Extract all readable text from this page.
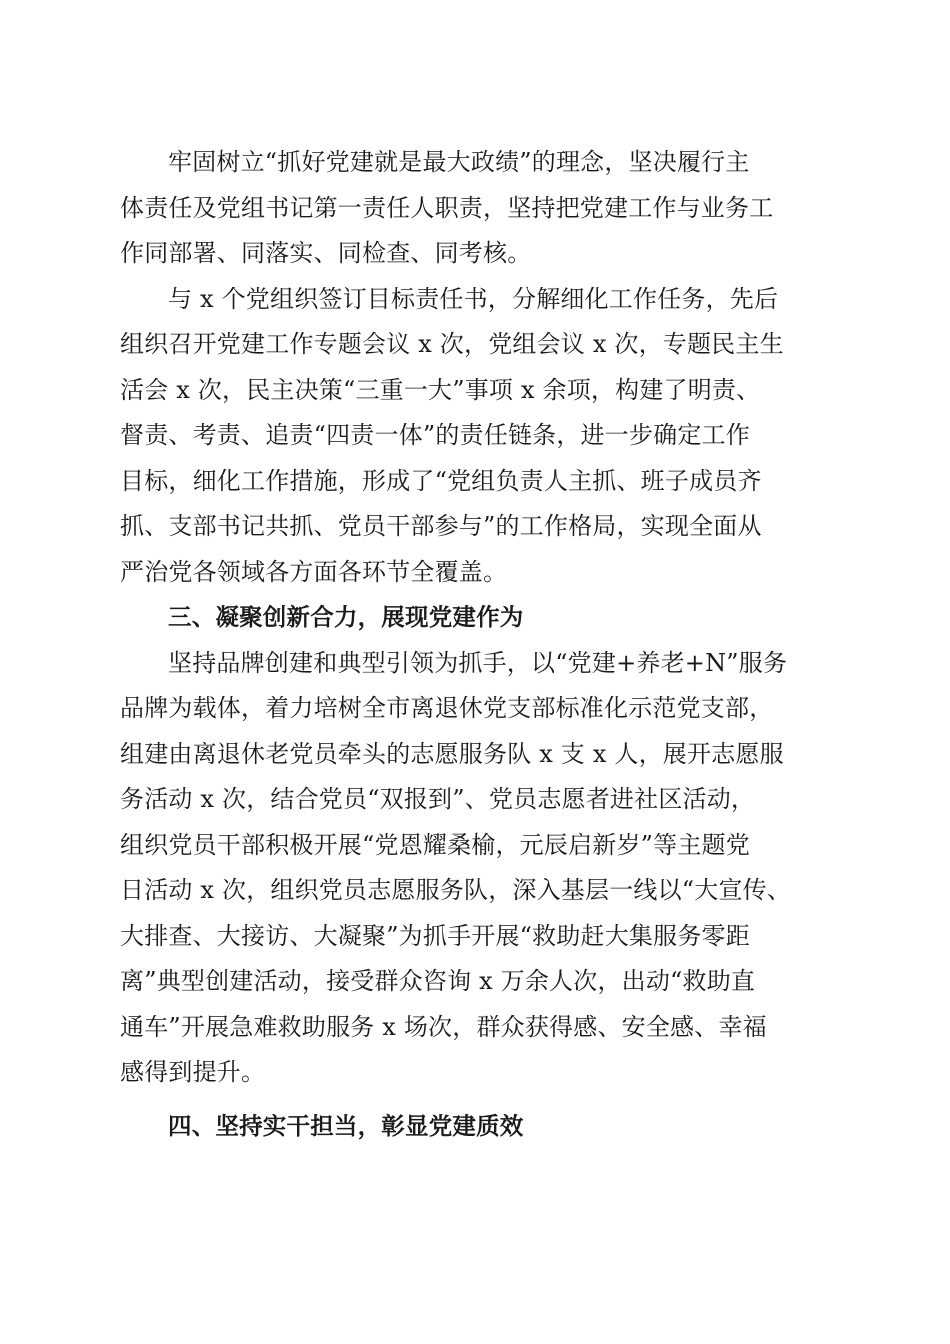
牢固树立“抓好党建就是最大政绩”的理念，坚决履行主
体责任及党组书记第一责任人职责，坚持把党建工作与业务工
作同部署、同落实、同检查、同考核。
与 x 个党组织签订目标责任书，分解细化工作任务，先后
组织召开党建工作专题会议 x 次，党组会议 x 次，专题民主生
活会 x 次，民主决策“三重一大”事项 x 余项，构建了明责、
督责、考责、追责“四责一体”的责任链条，进一步确定工作
目标，细化工作措施，形成了“党组负责人主抓、班子成员齐
抓、支部书记共抓、党员干部参与”的工作格局，实现全面从
严治党各领域各方面各环节全覆盖。
三、凝聚创新合力，展现党建作为
坚持品牌创建和典型引领为抓手，以“党建+养老+N”服务
品牌为载体，着力培树全市离退休党支部标准化示范党支部，
组建由离退休老党员牵头的志愿服务队 x 支 x 人，展开志愿服
务活动 x 次，结合党员“双报到”、党员志愿者进社区活动，
组织党员干部积极开展“党恩耀桑榆，元辰启新岁”等主题党
日活动 x 次，组织党员志愿服务队，深入基层一线以“大宣传、
大排查、大接访、大凝聚”为抓手开展“救助赶大集服务零距
离”典型创建活动，接受群众咨询 x 万余人次，出动“救助直
通车”开展急难救助服务 x 场次，群众获得感、安全感、幸福
感得到提升。
四、坚持实干担当，彰显党建质效
